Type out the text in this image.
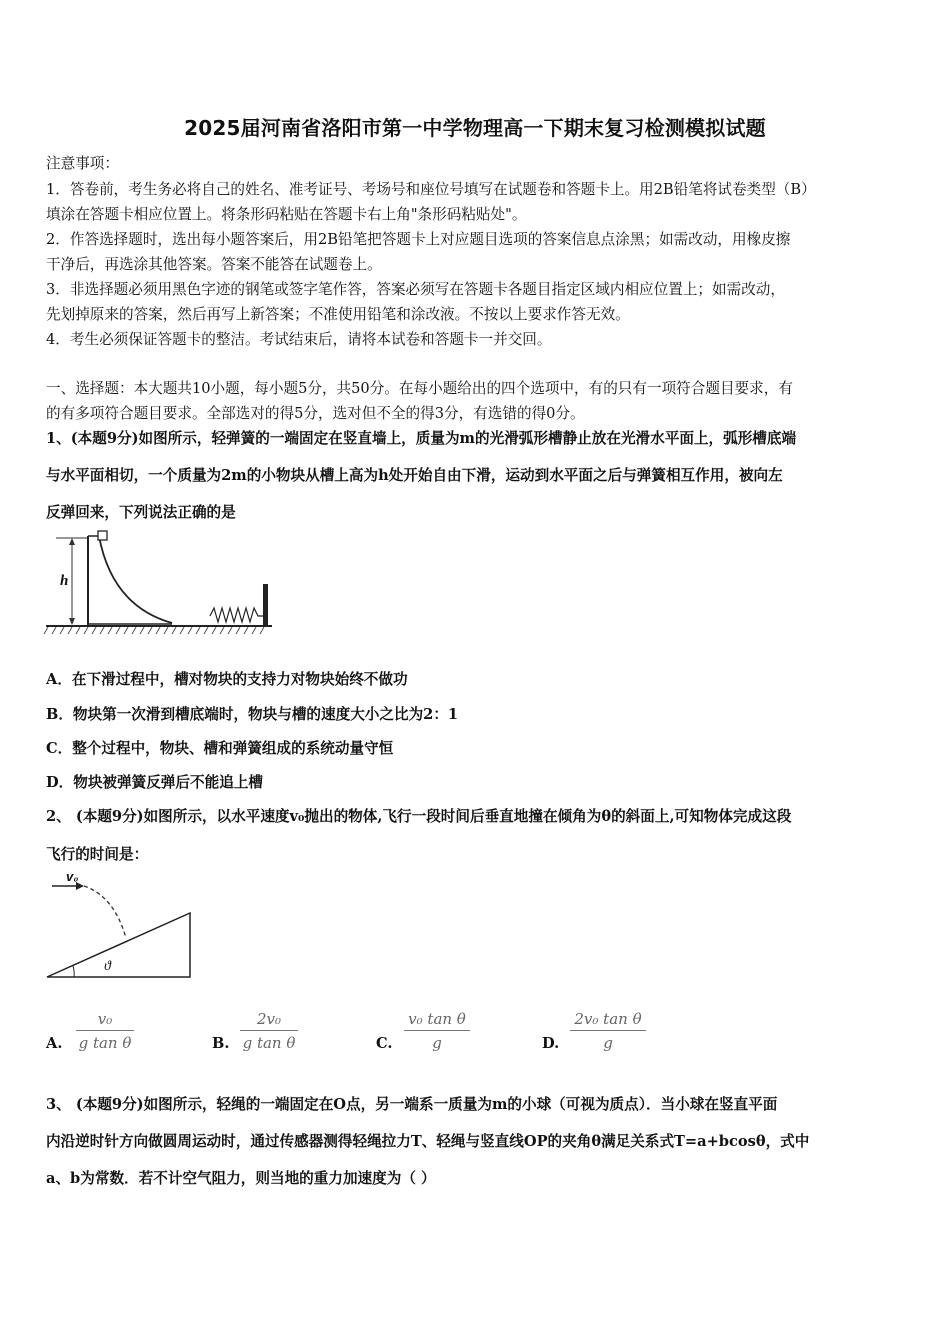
2025届河南省洛阳市第一中学物理高一下期末复习检测模拟试题
注意事项：
1．答卷前，考生务必将自己的姓名、准考证号、考场号和座位号填写在试题卷和答题卡上。用2B铅笔将试卷类型（B）
填涂在答题卡相应位置上。将条形码粘贴在答题卡右上角"条形码粘贴处"。
2．作答选择题时，选出每小题答案后，用2B铅笔把答题卡上对应题目选项的答案信息点涂黑；如需改动，用橡皮擦
干净后，再选涂其他答案。答案不能答在试题卷上。
3．非选择题必须用黑色字迹的钢笔或签字笔作答，答案必须写在答题卡各题目指定区域内相应位置上；如需改动，
先划掉原来的答案，然后再写上新答案；不准使用铅笔和涂改液。不按以上要求作答无效。
4．考生必须保证答题卡的整洁。考试结束后，请将本试卷和答题卡一并交回。
一、选择题：本大题共10小题，每小题5分，共50分。在每小题给出的四个选项中，有的只有一项符合题目要求，有
的有多项符合题目要求。全部选对的得5分，选对但不全的得3分，有选错的得0分。
1、(本题9分)如图所示，轻弹簧的一端固定在竖直墙上，质量为m的光滑弧形槽静止放在光滑水平面上，弧形槽底端
与水平面相切，一个质量为2m的小物块从槽上高为h处开始自由下滑，运动到水平面之后与弹簧相互作用，被向左
反弹回来，下列说法正确的是
h
A．在下滑过程中，槽对物块的支持力对物块始终不做功
B．物块第一次滑到槽底端时，物块与槽的速度大小之比为2：1
C．整个过程中，物块、槽和弹簧组成的系统动量守恒
D．物块被弹簧反弹后不能追上槽
2、 (本题9分)如图所示，以水平速度v₀抛出的物体,飞行一段时间后垂直地撞在倾角为θ的斜面上,可知物体完成这段
飞行的时间是：
v₀
ϑ
A.
v₀
g tan θ	B.
2v₀
g tan θ	C.
v₀ tan θ
g	D.
2v₀ tan θ
g
3、 (本题9分)如图所示，轻绳的一端固定在O点，另一端系一质量为m的小球（可视为质点）．当小球在竖直平面
内沿逆时针方向做圆周运动时，通过传感器测得轻绳拉力T、轻绳与竖直线OP的夹角θ满足关系式T=a+bcosθ，式中
a、b为常数．若不计空气阻力，则当地的重力加速度为（ ）
